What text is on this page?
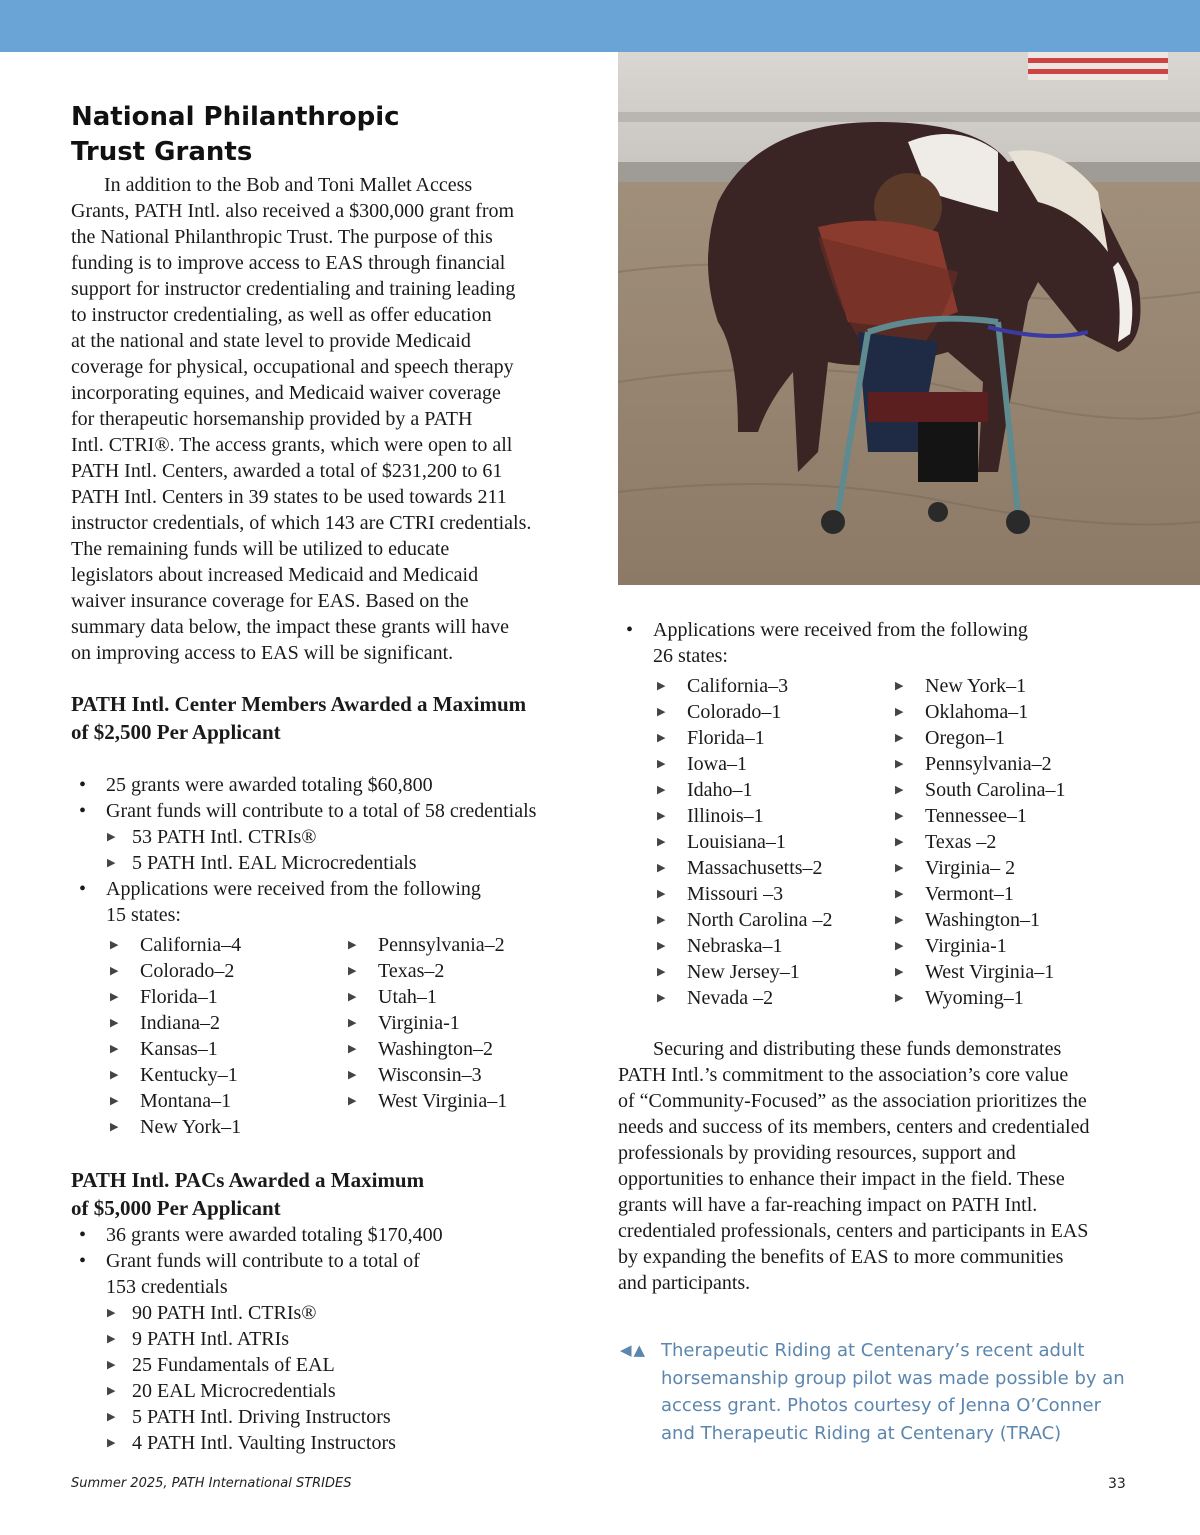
National Philanthropic
Trust Grants
In addition to the Bob and Toni Mallet Access
Grants, PATH Intl. also received a $300,000 grant from
the National Philanthropic Trust. The purpose of this
funding is to improve access to EAS through financial
support for instructor credentialing and training leading
to instructor credentialing, as well as offer education
at the national and state level to provide Medicaid
coverage for physical, occupational and speech therapy
incorporating equines, and Medicaid waiver coverage
for therapeutic horsemanship provided by a PATH
Intl. CTRI®. The access grants, which were open to all
PATH Intl. Centers, awarded a total of $231,200 to 61
PATH Intl. Centers in 39 states to be used towards 211
instructor credentials, of which 143 are CTRI credentials.
The remaining funds will be utilized to educate
legislators about increased Medicaid and Medicaid
waiver insurance coverage for EAS. Based on the
summary data below, the impact these grants will have
on improving access to EAS will be significant.
PATH Intl. Center Members Awarded a Maximum
of $2,500 Per Applicant
• 25 grants were awarded totaling $60,800
• Grant funds will contribute to a total of 58 credentials
▶ 53 PATH Intl. CTRIs®
▶ 5 PATH Intl. EAL Microcredentials
• Applications were received from the following
15 states:
▶ California–4
▶ Colorado–2
▶ Florida–1
▶ Indiana–2
▶ Kansas–1
▶ Kentucky–1
▶ Montana–1
▶ New York–1
▶ Pennsylvania–2
▶ Texas–2
▶ Utah–1
▶ Virginia-1
▶ Washington–2
▶ Wisconsin–3
▶ West Virginia–1
PATH Intl. PACs Awarded a Maximum
of $5,000 Per Applicant
• 36 grants were awarded totaling $170,400
• Grant funds will contribute to a total of
153 credentials
▶ 90 PATH Intl. CTRIs®
▶ 9 PATH Intl. ATRIs
▶ 25 Fundamentals of EAL
▶ 20 EAL Microcredentials
▶ 5 PATH Intl. Driving Instructors
▶ 4 PATH Intl. Vaulting Instructors
• Applications were received from the following
26 states:
▶ California–3
▶ Colorado–1
▶ Florida–1
▶ Iowa–1
▶ Idaho–1
▶ Illinois–1
▶ Louisiana–1
▶ Massachusetts–2
▶ Missouri –3
▶ North Carolina –2
▶ Nebraska–1
▶ New Jersey–1
▶ Nevada –2
▶ New York–1
▶ Oklahoma–1
▶ Oregon–1
▶ Pennsylvania–2
▶ South Carolina–1
▶ Tennessee–1
▶ Texas –2
▶ Virginia– 2
▶ Vermont–1
▶ Washington–1
▶ Virginia-1
▶ West Virginia–1
▶ Wyoming–1
Securing and distributing these funds demonstrates
PATH Intl.’s commitment to the association’s core value
of “Community-Focused” as the association prioritizes the
needs and success of its members, centers and credentialed
professionals by providing resources, support and
opportunities to enhance their impact in the field. These
grants will have a far-reaching impact on PATH Intl.
credentialed professionals, centers and participants in EAS
by expanding the benefits of EAS to more communities
and participants.
◀▲ Therapeutic Riding at Centenary’s recent adult
horsemanship group pilot was made possible by an
access grant. Photos courtesy of Jenna O’Conner
and Therapeutic Riding at Centenary (TRAC)
Summer 2025, PATH International STRIDES	33
